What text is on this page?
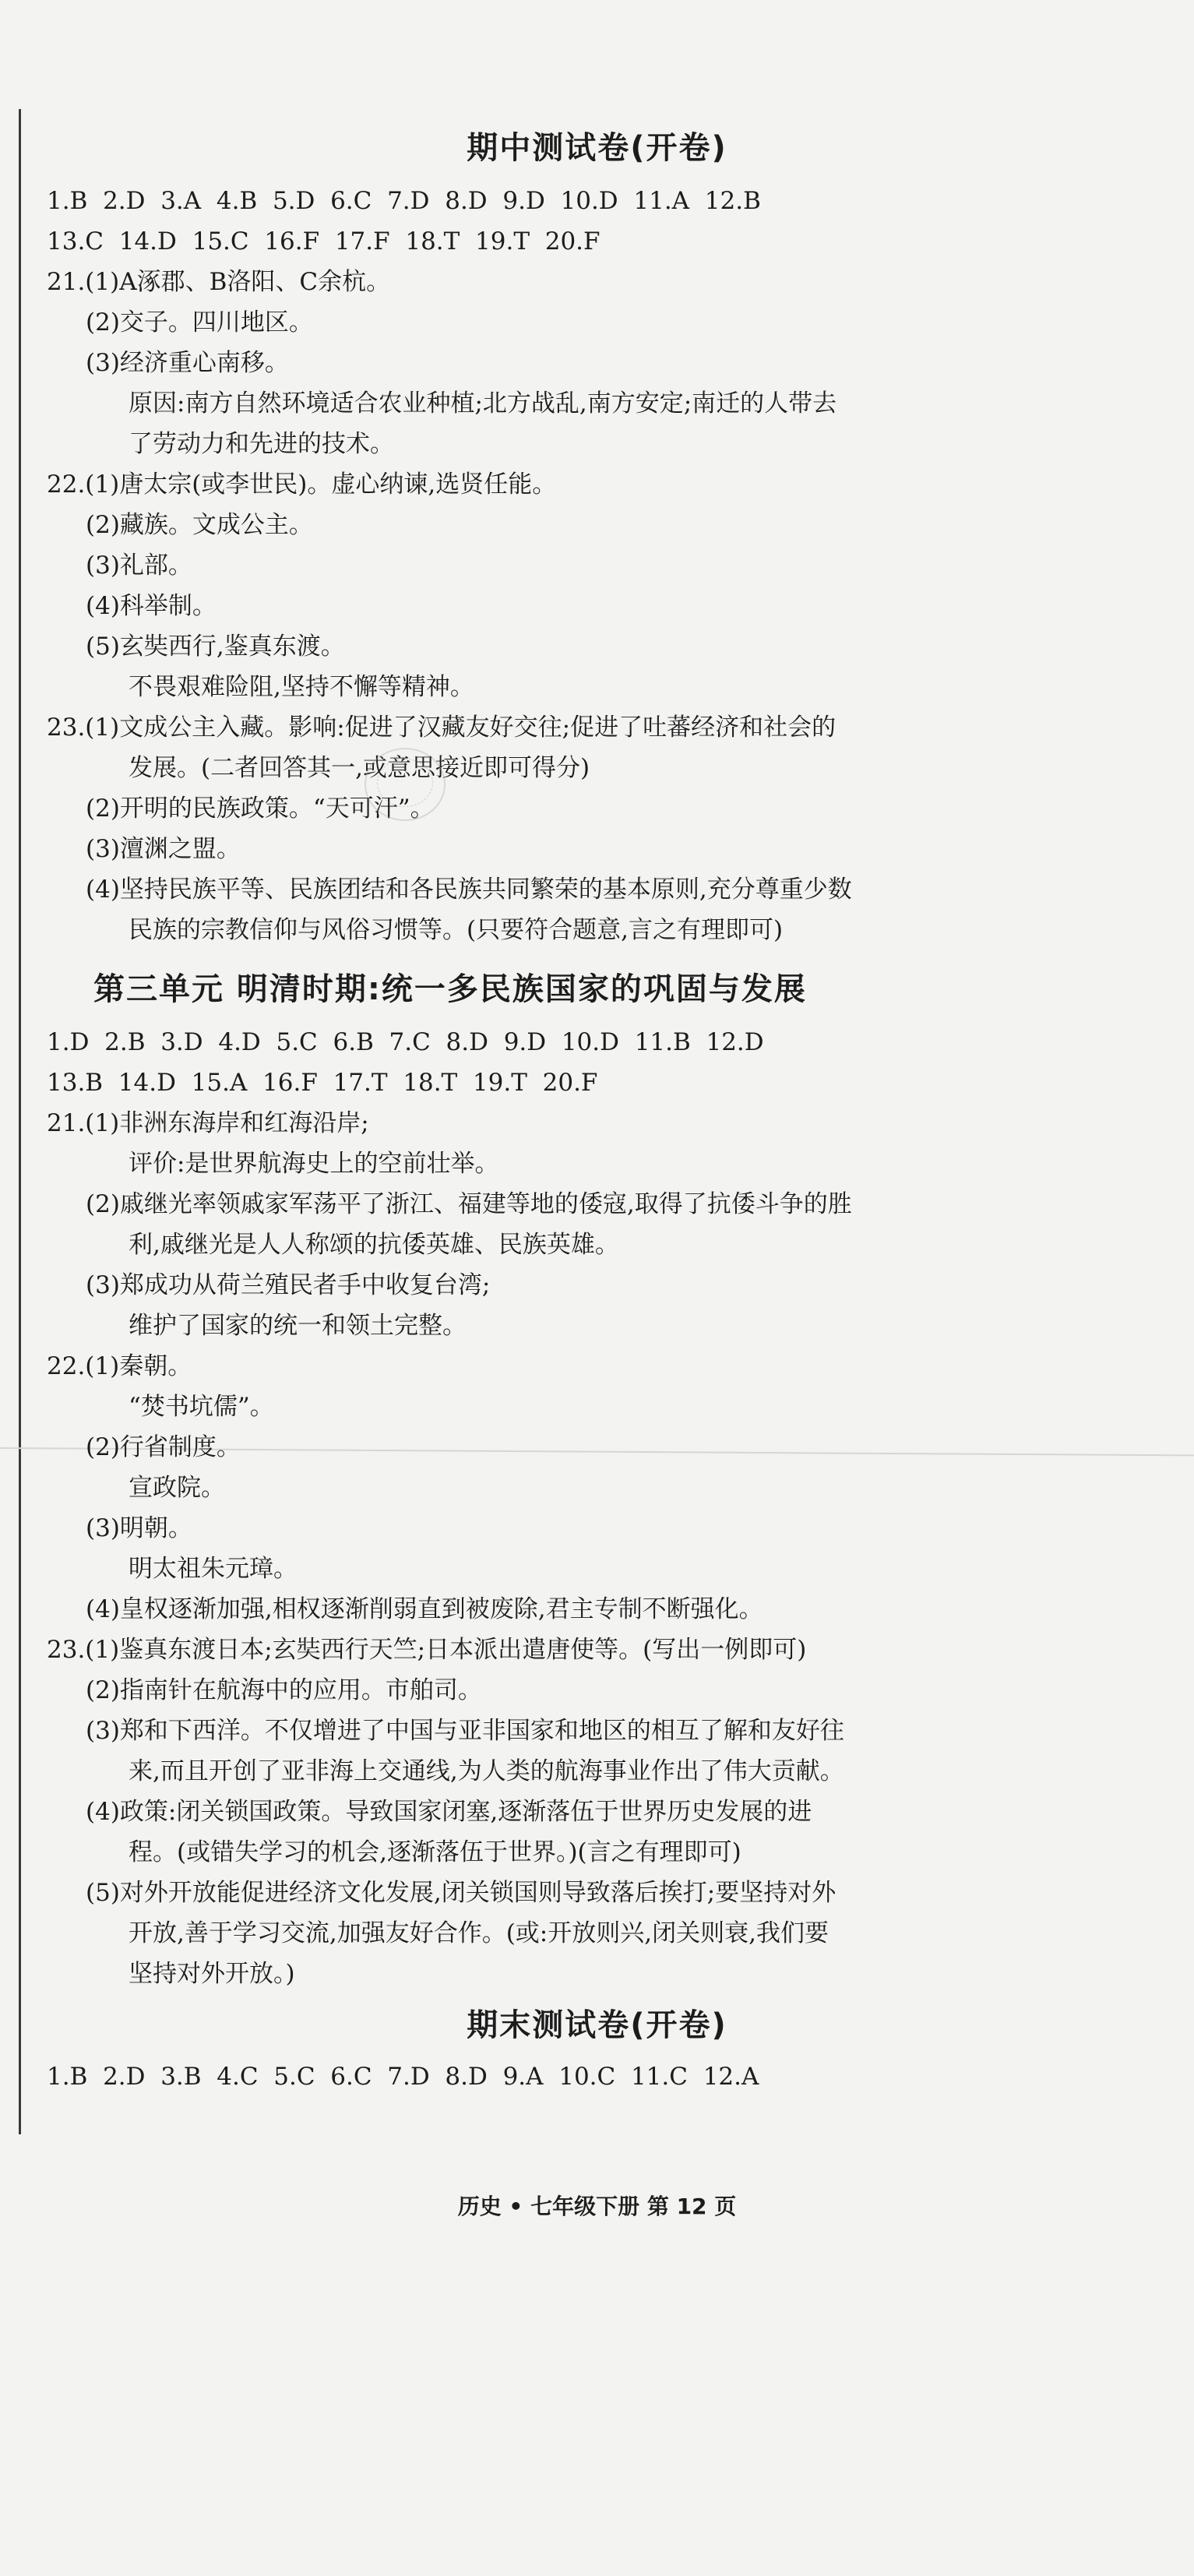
期中测试卷(开卷)
1.B  2.D  3.A  4.B  5.D  6.C  7.D  8.D  9.D  10.D  11.A  12.B
13.C  14.D  15.C  16.F  17.F  18.T  19.T  20.F
21.(1)A涿郡、B洛阳、C余杭。
(2)交子。四川地区。
(3)经济重心南移。
原因:南方自然环境适合农业种植;北方战乱,南方安定;南迁的人带去
了劳动力和先进的技术。
22.(1)唐太宗(或李世民)。虚心纳谏,选贤任能。
(2)藏族。文成公主。
(3)礼部。
(4)科举制。
(5)玄奘西行,鉴真东渡。
不畏艰难险阻,坚持不懈等精神。
23.(1)文成公主入藏。影响:促进了汉藏友好交往;促进了吐蕃经济和社会的
发展。(二者回答其一,或意思接近即可得分)
(2)开明的民族政策。“天可汗”。
(3)澶渊之盟。
(4)坚持民族平等、民族团结和各民族共同繁荣的基本原则,充分尊重少数
民族的宗教信仰与风俗习惯等。(只要符合题意,言之有理即可)
第三单元 明清时期:统一多民族国家的巩固与发展
1.D  2.B  3.D  4.D  5.C  6.B  7.C  8.D  9.D  10.D  11.B  12.D
13.B  14.D  15.A  16.F  17.T  18.T  19.T  20.F
21.(1)非洲东海岸和红海沿岸;
评价:是世界航海史上的空前壮举。
(2)戚继光率领戚家军荡平了浙江、福建等地的倭寇,取得了抗倭斗争的胜
利,戚继光是人人称颂的抗倭英雄、民族英雄。
(3)郑成功从荷兰殖民者手中收复台湾;
维护了国家的统一和领土完整。
22.(1)秦朝。
“焚书坑儒”。
(2)行省制度。
宣政院。
(3)明朝。
明太祖朱元璋。
(4)皇权逐渐加强,相权逐渐削弱直到被废除,君主专制不断强化。
23.(1)鉴真东渡日本;玄奘西行天竺;日本派出遣唐使等。(写出一例即可)
(2)指南针在航海中的应用。市舶司。
(3)郑和下西洋。不仅增进了中国与亚非国家和地区的相互了解和友好往
来,而且开创了亚非海上交通线,为人类的航海事业作出了伟大贡献。
(4)政策:闭关锁国政策。导致国家闭塞,逐渐落伍于世界历史发展的进
程。(或错失学习的机会,逐渐落伍于世界。)(言之有理即可)
(5)对外开放能促进经济文化发展,闭关锁国则导致落后挨打;要坚持对外
开放,善于学习交流,加强友好合作。(或:开放则兴,闭关则衰,我们要
坚持对外开放。)
期末测试卷(开卷)
1.B  2.D  3.B  4.C  5.C  6.C  7.D  8.D  9.A  10.C  11.C  12.A
历史 • 七年级下册 第 12 页
